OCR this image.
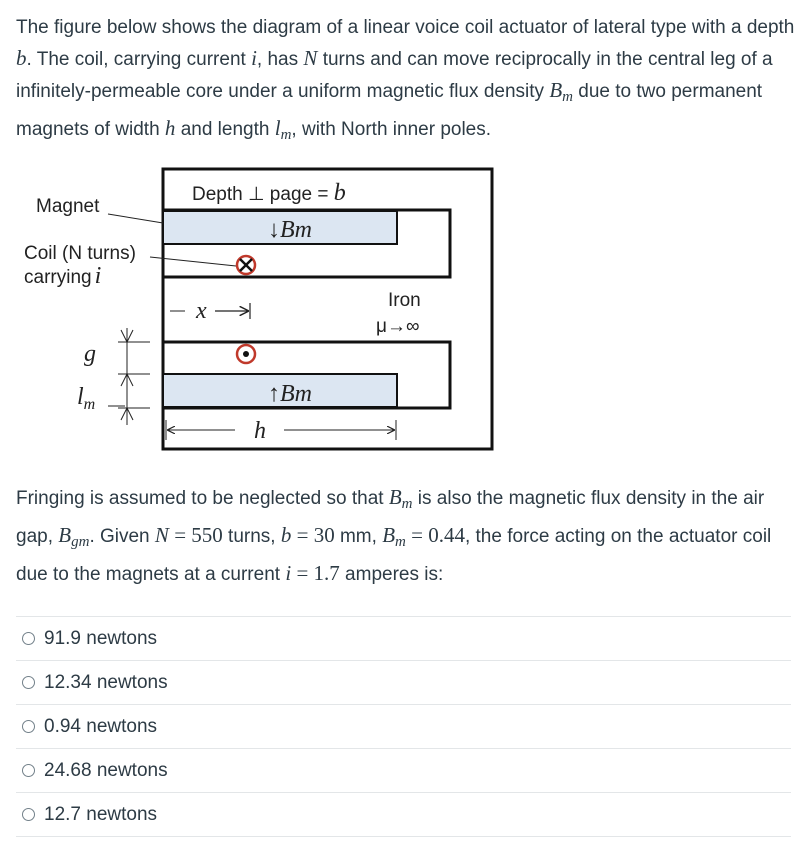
The figure below shows the diagram of a linear voice coil actuator of lateral type with a depth b. The coil, carrying current i, has N turns and can move reciprocally in the central leg of a infinitely-permeable core under a uniform magnetic flux density $B_m$ due to two permanent magnets of width h and length $l_m$, with North inner poles.
Depth ⊥ page = b
↓Bm
↑Bm
Magnet
Coil (N turns)
carrying i
x	Iron
μ→∞
g
$l_m$
h
Fringing is assumed to be neglected so that $B_m$ is also the magnetic flux density in the air gap, $B_{gm}$. Given N = 550 turns, b = 30 mm, $B_m = 0.44$, the force acting on the actuator coil due to the magnets at a current i = 1.7 amperes is:
91.9 newtons
12.34 newtons
0.94 newtons
24.68 newtons
12.7 newtons
